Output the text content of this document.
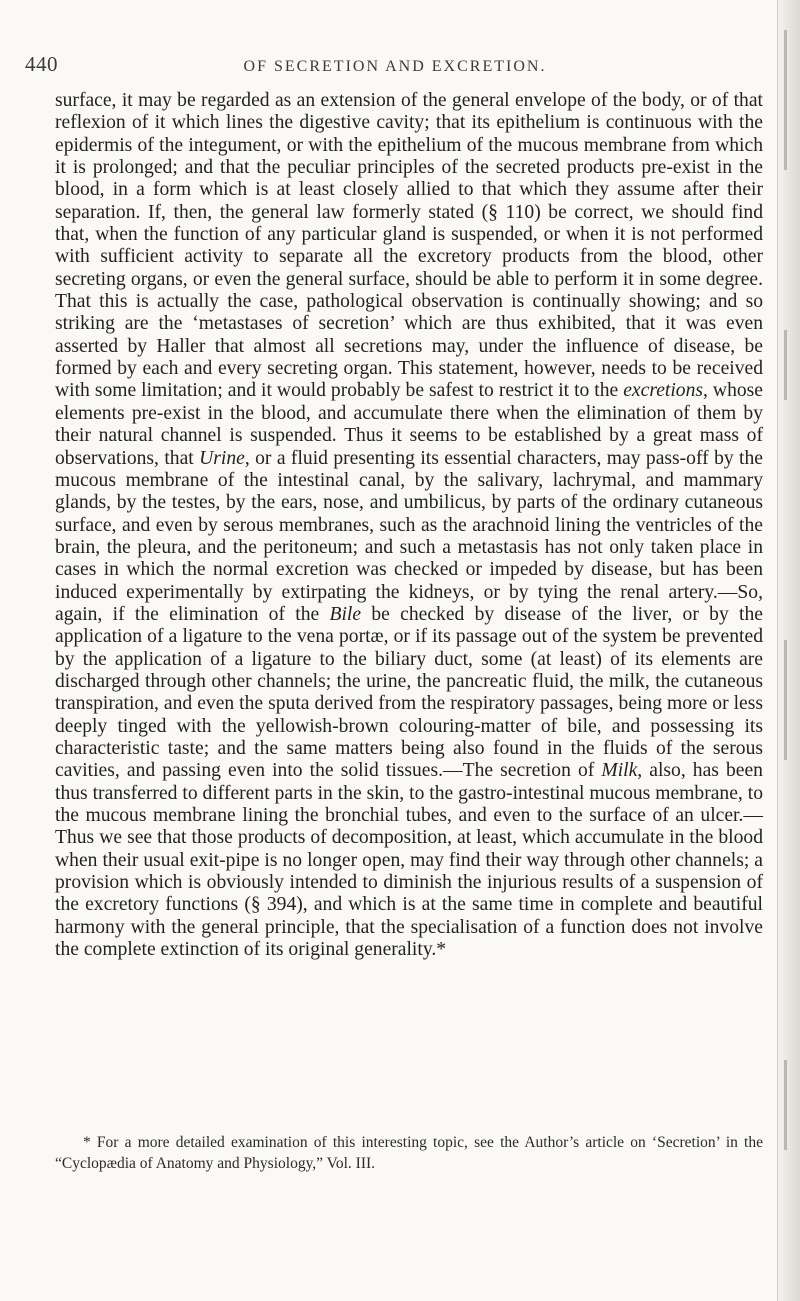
440	OF SECRETION AND EXCRETION.

surface, it may be regarded as an extension of the general envelope of the body, or of that reflexion of it which lines the digestive cavity; that its epithelium is continuous with the epidermis of the integument, or with the epithelium of the mucous membrane from which it is prolonged; and that the peculiar principles of the secreted products pre-exist in the blood, in a form which is at least closely allied to that which they assume after their separation. If, then, the general law formerly stated (§ 110) be correct, we should find that, when the function of any particular gland is suspended, or when it is not performed with sufficient activity to separate all the excretory products from the blood, other secreting organs, or even the general surface, should be able to perform it in some degree. That this is actually the case, pathological observation is continually showing; and so striking are the ‘metastases of secretion’ which are thus exhibited, that it was even asserted by Haller that almost all secretions may, under the influence of disease, be formed by each and every secreting organ. This statement, however, needs to be received with some limitation; and it would probably be safest to restrict it to the excretions, whose elements pre-exist in the blood, and accumulate there when the elimination of them by their natural channel is suspended. Thus it seems to be established by a great mass of observations, that Urine, or a fluid presenting its essential characters, may pass-off by the mucous membrane of the intestinal canal, by the salivary, lachrymal, and mammary glands, by the testes, by the ears, nose, and umbilicus, by parts of the ordinary cutaneous surface, and even by serous membranes, such as the arachnoid lining the ventricles of the brain, the pleura, and the peritoneum; and such a metastasis has not only taken place in cases in which the normal excretion was checked or impeded by disease, but has been induced experimentally by extirpating the kidneys, or by tying the renal artery.—So, again, if the elimination of the Bile be checked by disease of the liver, or by the application of a ligature to the vena portæ, or if its passage out of the system be prevented by the application of a ligature to the biliary duct, some (at least) of its elements are discharged through other channels; the urine, the pancreatic fluid, the milk, the cutaneous transpiration, and even the sputa derived from the respiratory passages, being more or less deeply tinged with the yellowish-brown colouring-matter of bile, and possessing its characteristic taste; and the same matters being also found in the fluids of the serous cavities, and passing even into the solid tissues.—The secretion of Milk, also, has been thus transferred to different parts in the skin, to the gastro-intestinal mucous membrane, to the mucous membrane lining the bronchial tubes, and even to the surface of an ulcer.—Thus we see that those products of decomposition, at least, which accumulate in the blood when their usual exit-pipe is no longer open, may find their way through other channels; a provision which is obviously intended to diminish the injurious results of a suspension of the excretory functions (§ 394), and which is at the same time in complete and beautiful harmony with the general principle, that the specialisation of a function does not involve the complete extinction of its original generality.*

* For a more detailed examination of this interesting topic, see the Author’s article on ‘Secretion’ in the “Cyclopædia of Anatomy and Physiology,” Vol. III.
